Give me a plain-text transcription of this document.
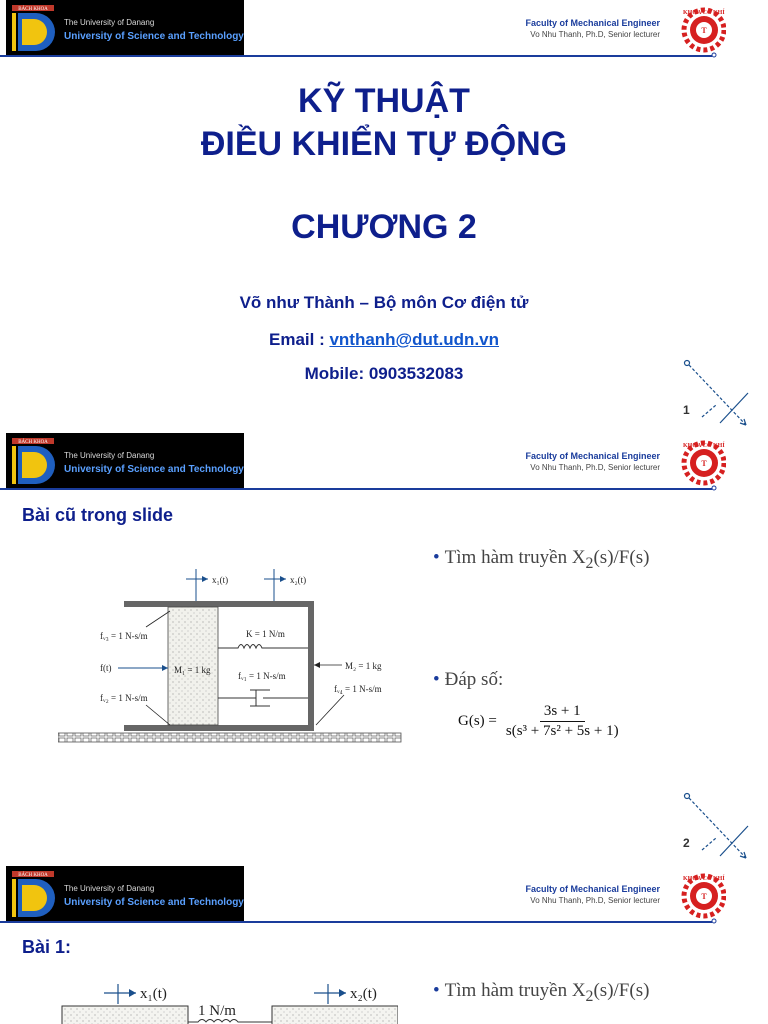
BÁCH KHOA
The University of Danang
University of Science and Technology
Faculty of Mechanical Engineer
Vo Nhu Thanh, Ph.D, Senior lecturer	T
KHOA CƠ KHÍ
KỸ THUẬT
ĐIỀU KHIỂN TỰ ĐỘNG
CHƯƠNG 2
Võ như Thành – Bộ môn Cơ điện tử
Email : vnthanh@dut.udn.vn
Mobile: 0903532083
1
BÁCH KHOA
The University of Danang
University of Science and Technology
Faculty of Mechanical Engineer
Vo Nhu Thanh, Ph.D, Senior lecturer	T
KHOA CƠ KHÍ
Bài cũ trong slide
x₁(t)	x₂(t)
K = 1 N/m
fᵥ₁ = 1 N-s/m
fᵥ₃ = 1 N-s/m
f(t)	M₁ = 1 kg
fᵥ₂ = 1 N-s/m
M₂ = 1 kg
fᵥ₄ = 1 N-s/m
• Tìm hàm truyền $X_2(s)/F(s)$
• Đáp số:
$G(s) = \frac{3s + 1}{\text{s(s³ + 7s² + 5s + 1)}}$
2
BÁCH KHOA
The University of Danang
University of Science and Technology
Faculty of Mechanical Engineer
Vo Nhu Thanh, Ph.D, Senior lecturer	T
KHOA CƠ KHÍ
Bài 1:
x₁(t)	x₂(t)
1 N/m
• Tìm hàm truyền $X_2(s)/F(s)$
